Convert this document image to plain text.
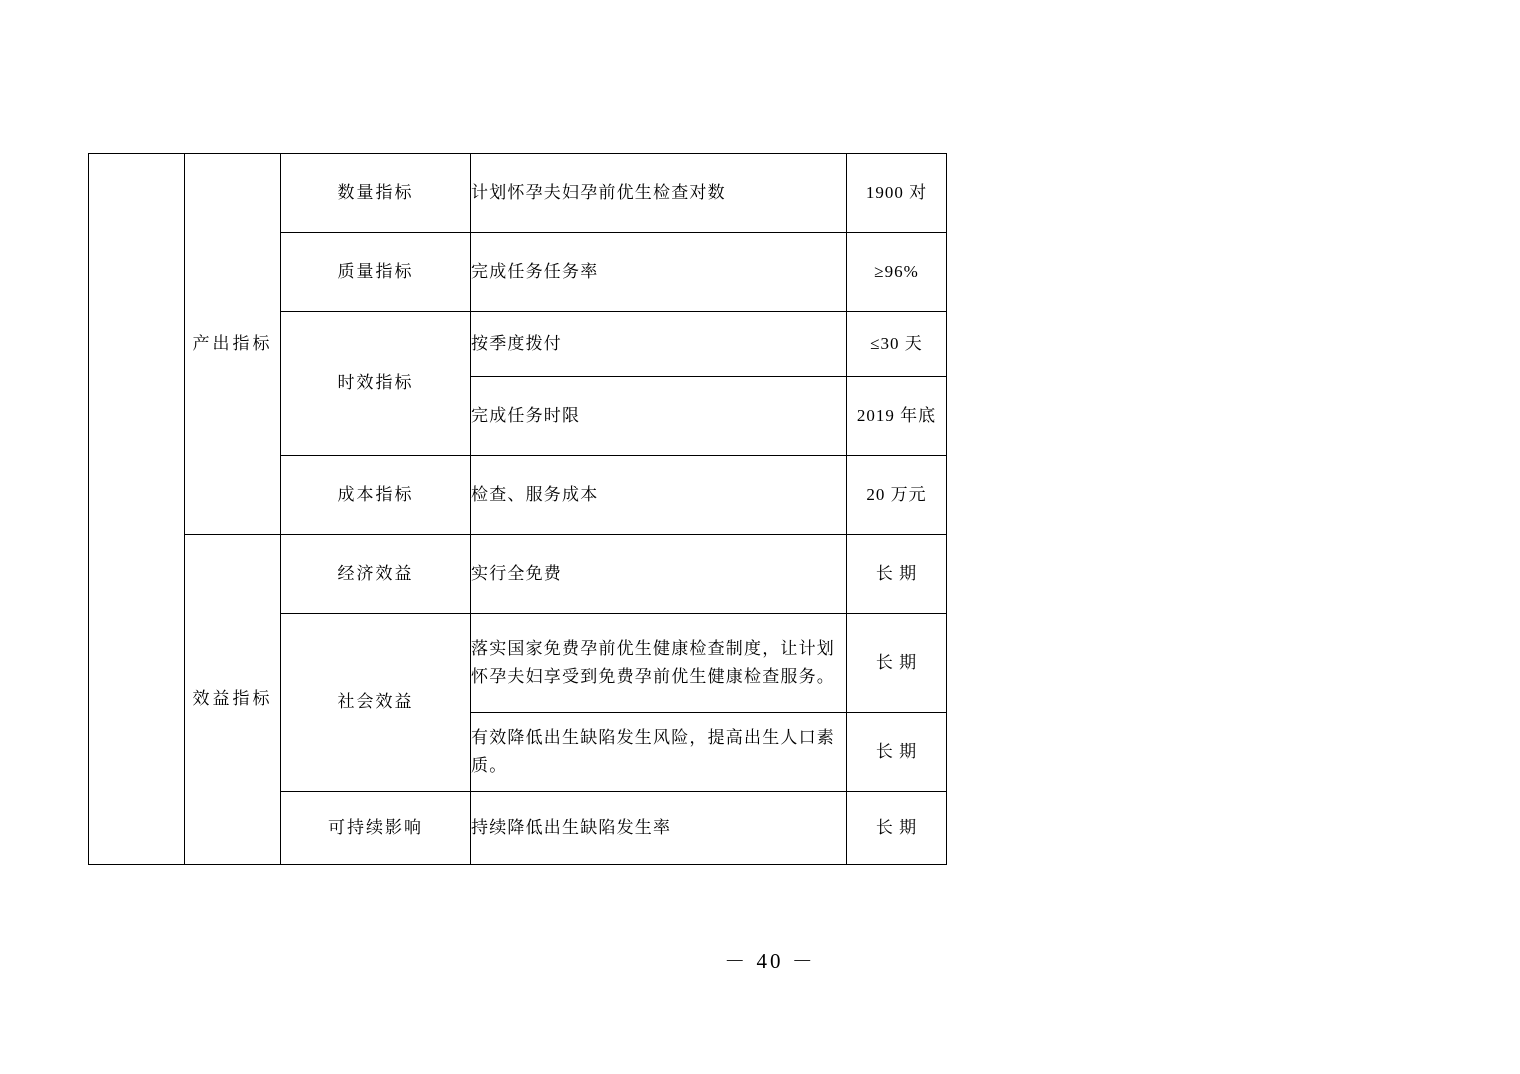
	产出指标	数量指标	计划怀孕夫妇孕前优生检查对数	1900 对
		质量指标	完成任务任务率	≥96%
		时效指标	按季度拨付	≤30 天
			完成任务时限	2019 年底
		成本指标	检查、服务成本	20 万元
	效益指标	经济效益	实行全免费	长 期
		社会效益	落实国家免费孕前优生健康检查制度，让计划怀孕夫妇享受到免费孕前优生健康检查服务。	长 期
			有效降低出生缺陷发生风险，提高出生人口素质。	长 期
		可持续影响	持续降低出生缺陷发生率	长 期
－ 40 －
